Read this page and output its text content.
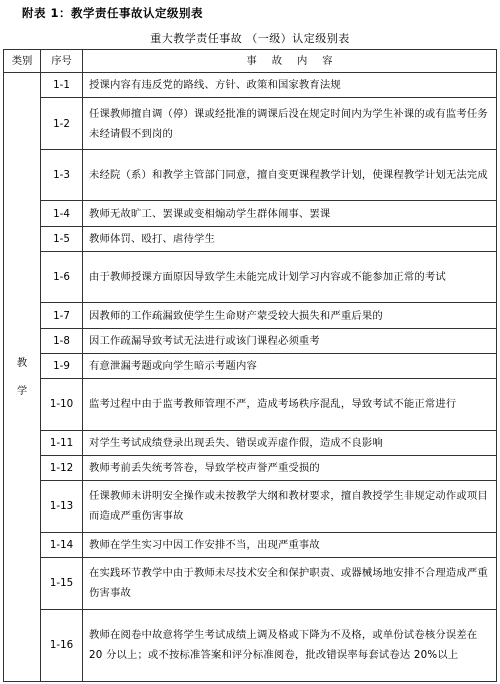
附表 1：教学责任事故认定级别表
重大教学责任事故 （一级）认定级别表
类别	序号	事故内容

教
学	1-1	授课内容有违反党的路线、方针、政策和国家教育法规
	1-2	任课教师擅自调（停）课或经批准的调课后没在规定时间内为学生补课的或有监考任务未经请假不到岗的
	1-3	未经院（系）和教学主管部门同意，擅自变更课程教学计划，使课程教学计划无法完成
	1-4	教师无故旷工、罢课或变相煽动学生群体闹事、罢课
	1-5	教师体罚、殴打、虐待学生
	1-6	由于教师授课方面原因导致学生未能完成计划学习内容或不能参加正常的考试
	1-7	因教师的工作疏漏致使学生生命财产蒙受较大损失和严重后果的
	1-8	因工作疏漏导致考试无法进行或该门课程必须重考
	1-9	有意泄漏考题或向学生暗示考题内容
	1-10	监考过程中由于监考教师管理不严，造成考场秩序混乱，导致考试不能正常进行
	1-11	对学生考试成绩登录出现丢失、错误或弄虚作假，造成不良影响
	1-12	教师考前丢失统考答卷，导致学校声誉严重受损的
	1-13	任课教师未讲明安全操作或未按教学大纲和教材要求，擅自教授学生非规定动作或项目而造成严重伤害事故
	1-14	教师在学生实习中因工作安排不当，出现严重事故
	1-15	在实践环节教学中由于教师未尽技术安全和保护职责、或器械场地安排不合理造成严重伤害事故
	1-16	教师在阅卷中故意将学生考试成绩上调及格或下降为不及格，或单份试卷核分误差在 20 分以上；或不按标准答案和评分标准阅卷，批改错误率每套试卷达 20%以上
